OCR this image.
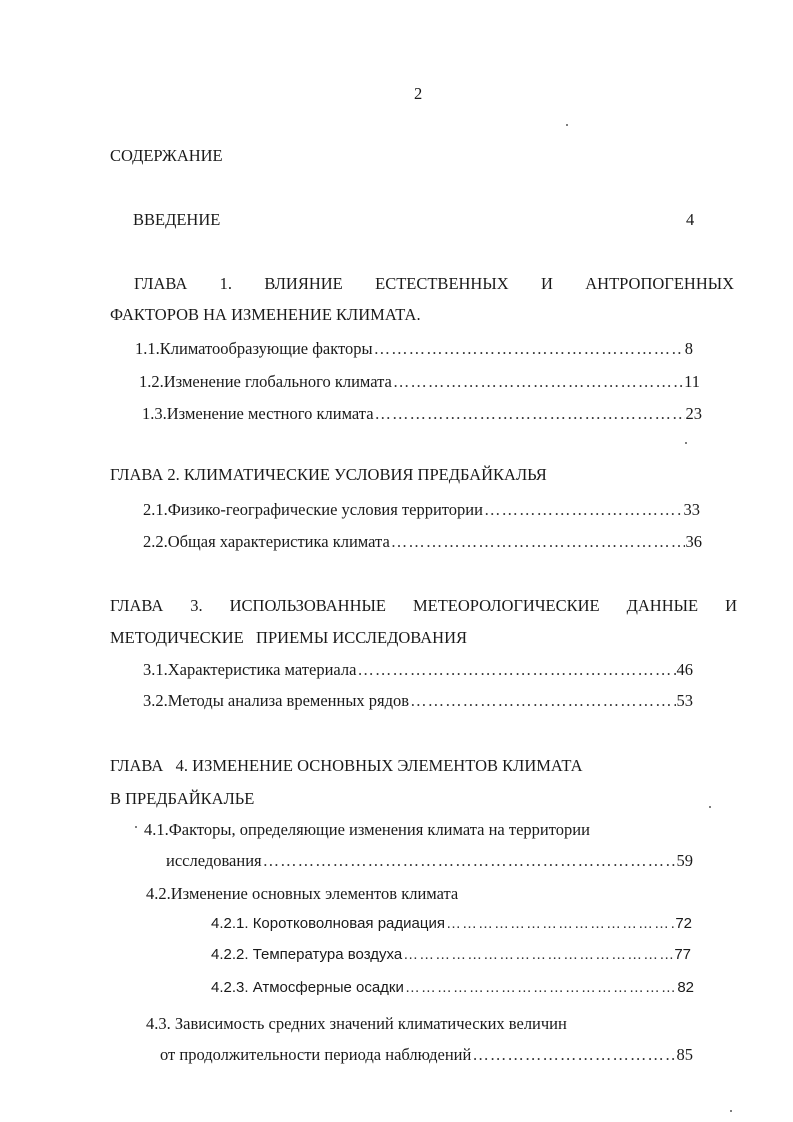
2
СОДЕРЖАНИЕ
ВВЕДЕНИЕ	4
ГЛАВА 1. ВЛИЯНИЕ ЕСТЕСТВЕННЫХ И АНТРОПОГЕННЫХ
ФАКТОРОВ НА ИЗМЕНЕНИЕ КЛИМАТА.
1.1.Климатообразующие факторы ……………………………………………………………………………………………………………………	8
1.2.Изменение глобального климата ……………………………………………………………………………………………………………………	11
1.3.Изменение местного климата ……………………………………………………………………………………………………………………	23
ГЛАВА 2. КЛИМАТИЧЕСКИЕ УСЛОВИЯ ПРЕДБАЙКАЛЬЯ
2.1.Физико-географические условия территории ……………………………………………………………………………………………………………………	33
2.2.Общая характеристика климата ……………………………………………………………………………………………………………………	36
ГЛАВА 3. ИСПОЛЬЗОВАННЫЕ МЕТЕОРОЛОГИЧЕСКИЕ ДАННЫЕ И
МЕТОДИЧЕСКИЕ   ПРИЕМЫ ИССЛЕДОВАНИЯ
3.1.Характеристика материала ……………………………………………………………………………………………………………………	46
3.2.Методы анализа временных рядов ……………………………………………………………………………………………………………………	53
ГЛАВА   4. ИЗМЕНЕНИЕ ОСНОВНЫХ ЭЛЕМЕНТОВ КЛИМАТА
В ПРЕДБАЙКАЛЬЕ
4.1.Факторы, определяющие изменения климата на территории
исследования ……………………………………………………………………………………………………………………	59
4.2.Изменение основных элементов климата
4.2.1. Коротковолновая радиация ……………………………………………………………………………………………………………………	72
4.2.2. Температура воздуха ……………………………………………………………………………………………………………………	77
4.2.3. Атмосферные осадки ……………………………………………………………………………………………………………………	82
4.3. Зависимость средних значений климатических величин
от продолжительности периода наблюдений ……………………………………………………………………………………………………………………	85
